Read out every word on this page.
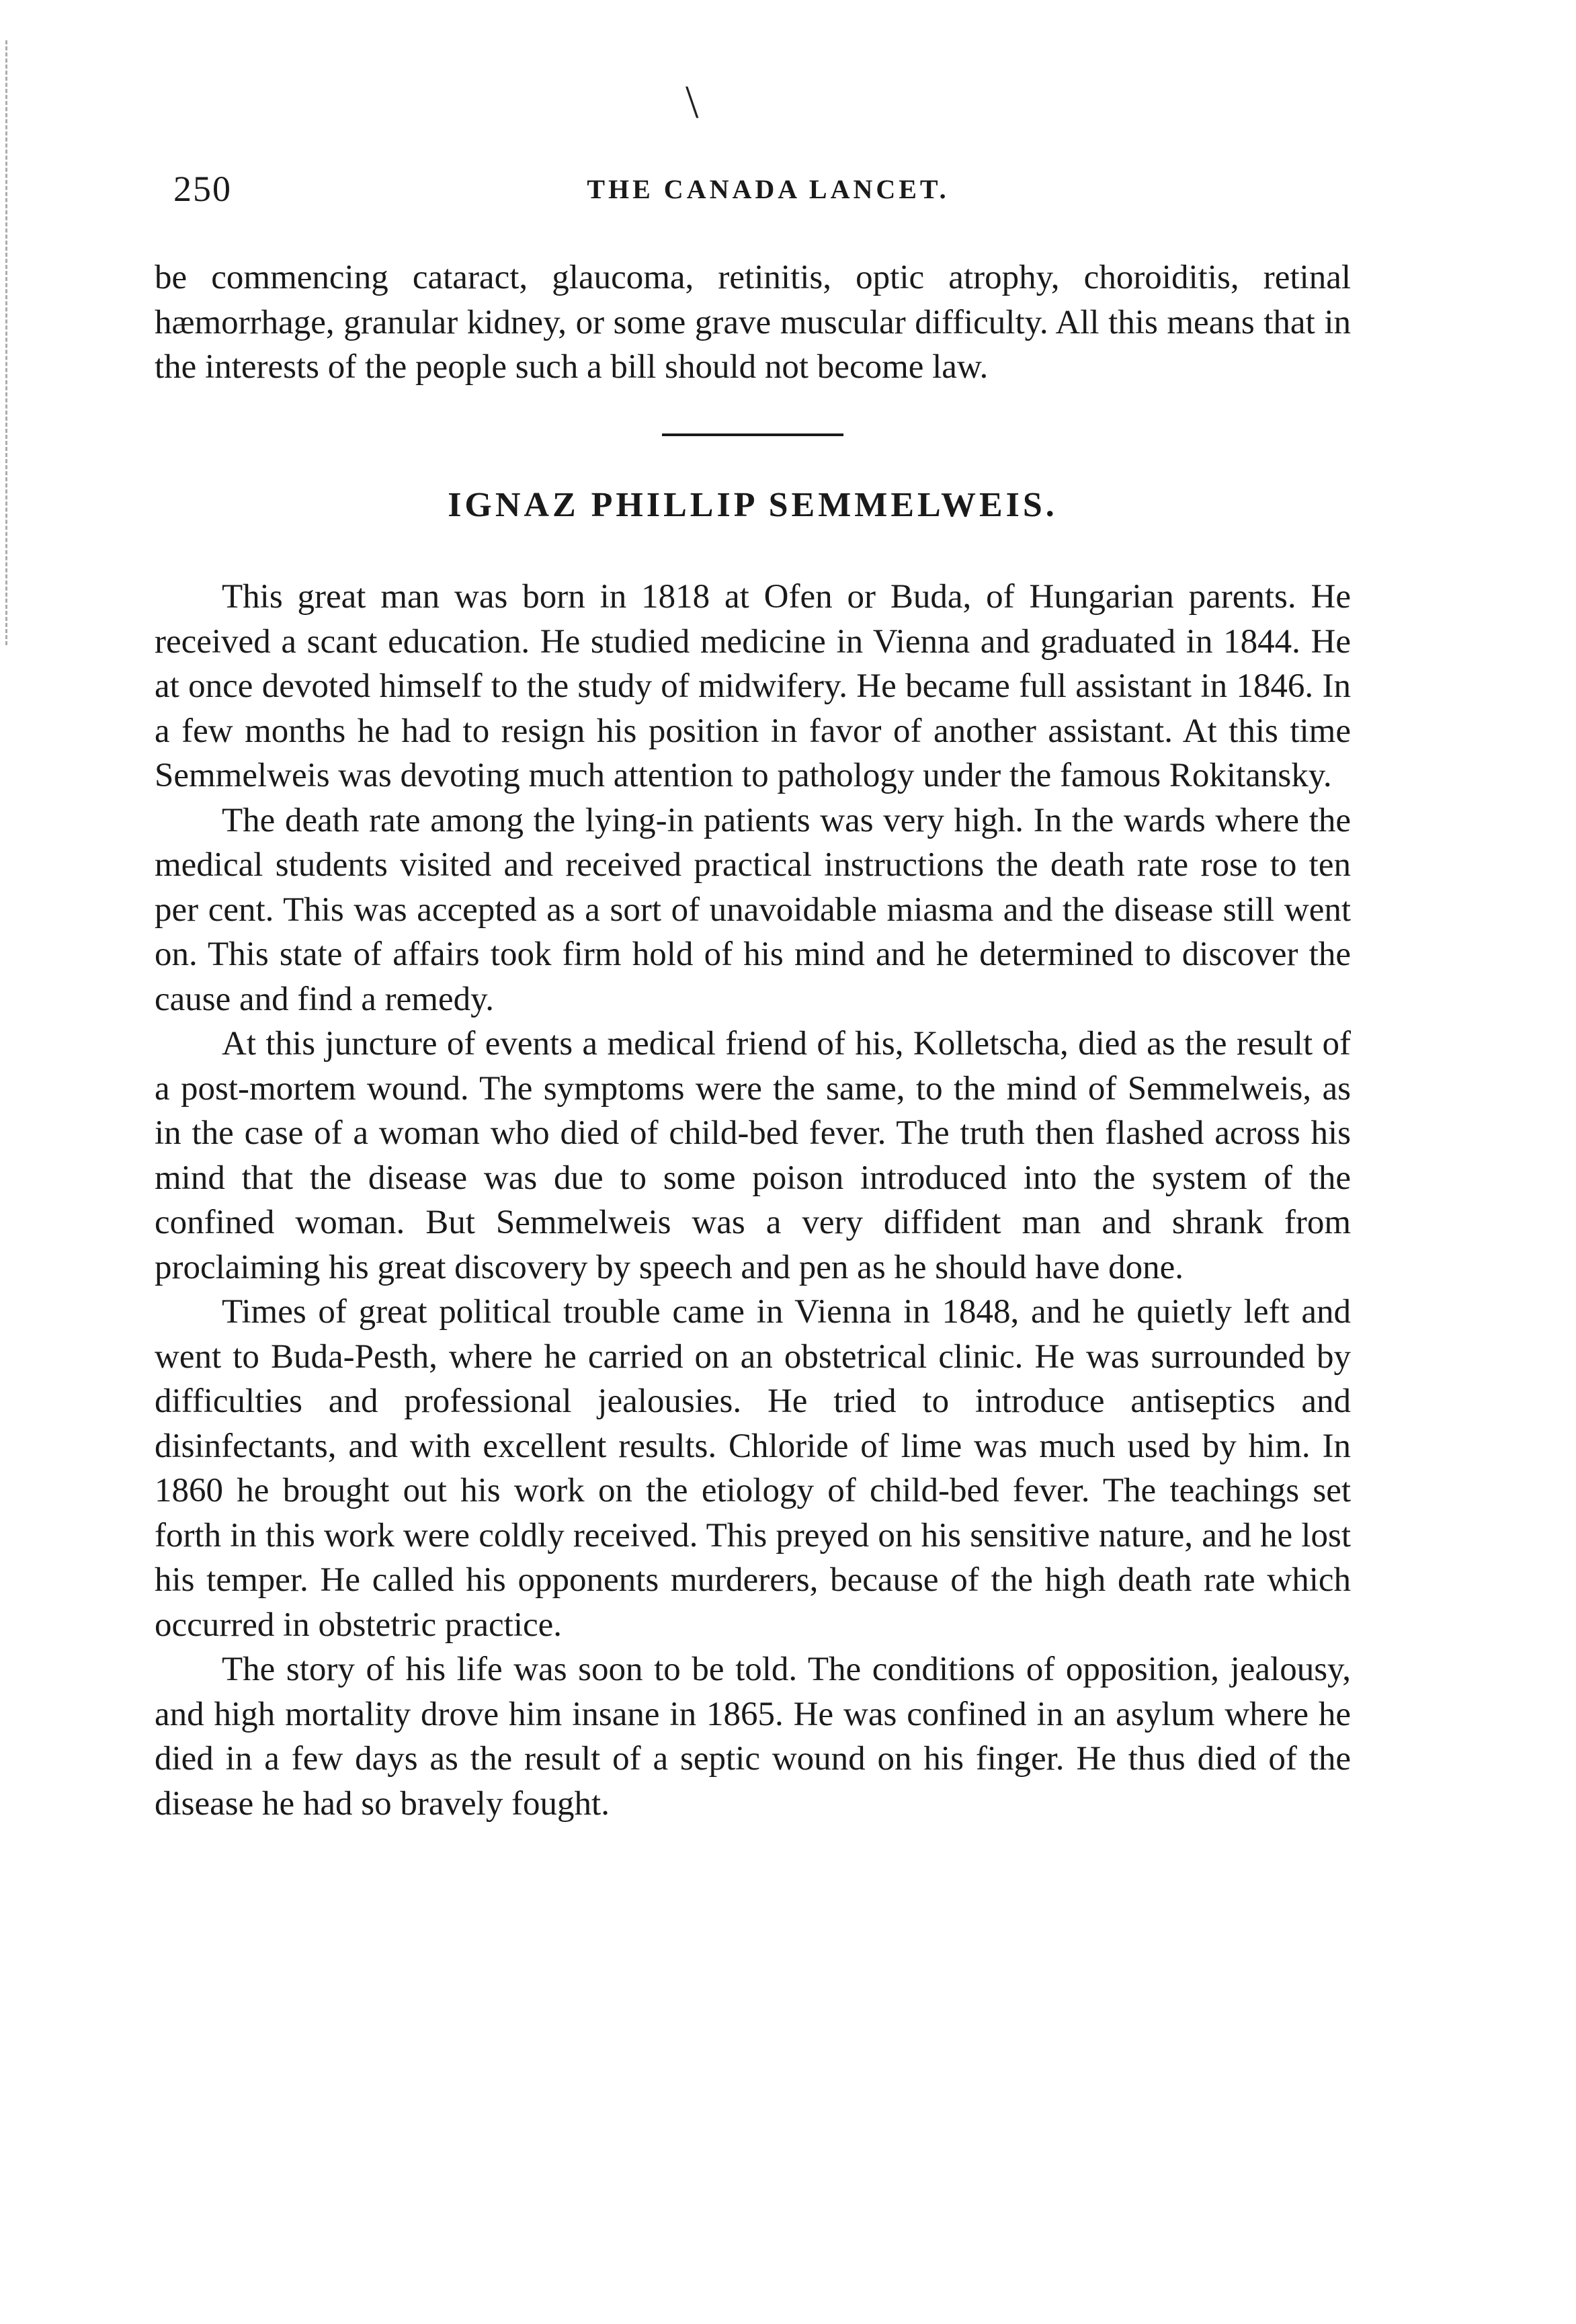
\
250	THE CANADA LANCET.

be commencing cataract, glaucoma, retinitis, optic atrophy, choroiditis, retinal hæmorrhage, granular kidney, or some grave muscular difficulty. All this means that in the interests of the people such a bill should not become law.

IGNAZ PHILLIP SEMMELWEIS.

This great man was born in 1818 at Ofen or Buda, of Hungarian parents. He received a scant education. He studied medicine in Vienna and graduated in 1844. He at once devoted himself to the study of midwifery. He became full assistant in 1846. In a few months he had to resign his position in favor of another assistant. At this time Semmelweis was devoting much attention to pathology under the famous Rokitansky.

The death rate among the lying-in patients was very high. In the wards where the medical students visited and received practical instructions the death rate rose to ten per cent. This was accepted as a sort of unavoidable miasma and the disease still went on. This state of affairs took firm hold of his mind and he determined to discover the cause and find a remedy.

At this juncture of events a medical friend of his, Kolletscha, died as the result of a post-mortem wound. The symptoms were the same, to the mind of Semmelweis, as in the case of a woman who died of child-bed fever. The truth then flashed across his mind that the disease was due to some poison introduced into the system of the confined woman. But Semmelweis was a very diffident man and shrank from proclaiming his great discovery by speech and pen as he should have done.

Times of great political trouble came in Vienna in 1848, and he quietly left and went to Buda-Pesth, where he carried on an obstetrical clinic. He was surrounded by difficulties and professional jealousies. He tried to introduce antiseptics and disinfectants, and with excellent results. Chloride of lime was much used by him. In 1860 he brought out his work on the etiology of child-bed fever. The teachings set forth in this work were coldly received. This preyed on his sensitive nature, and he lost his temper. He called his opponents murderers, because of the high death rate which occurred in obstetric practice.

The story of his life was soon to be told. The conditions of opposition, jealousy, and high mortality drove him insane in 1865. He was confined in an asylum where he died in a few days as the result of a septic wound on his finger. He thus died of the disease he had so bravely fought.
